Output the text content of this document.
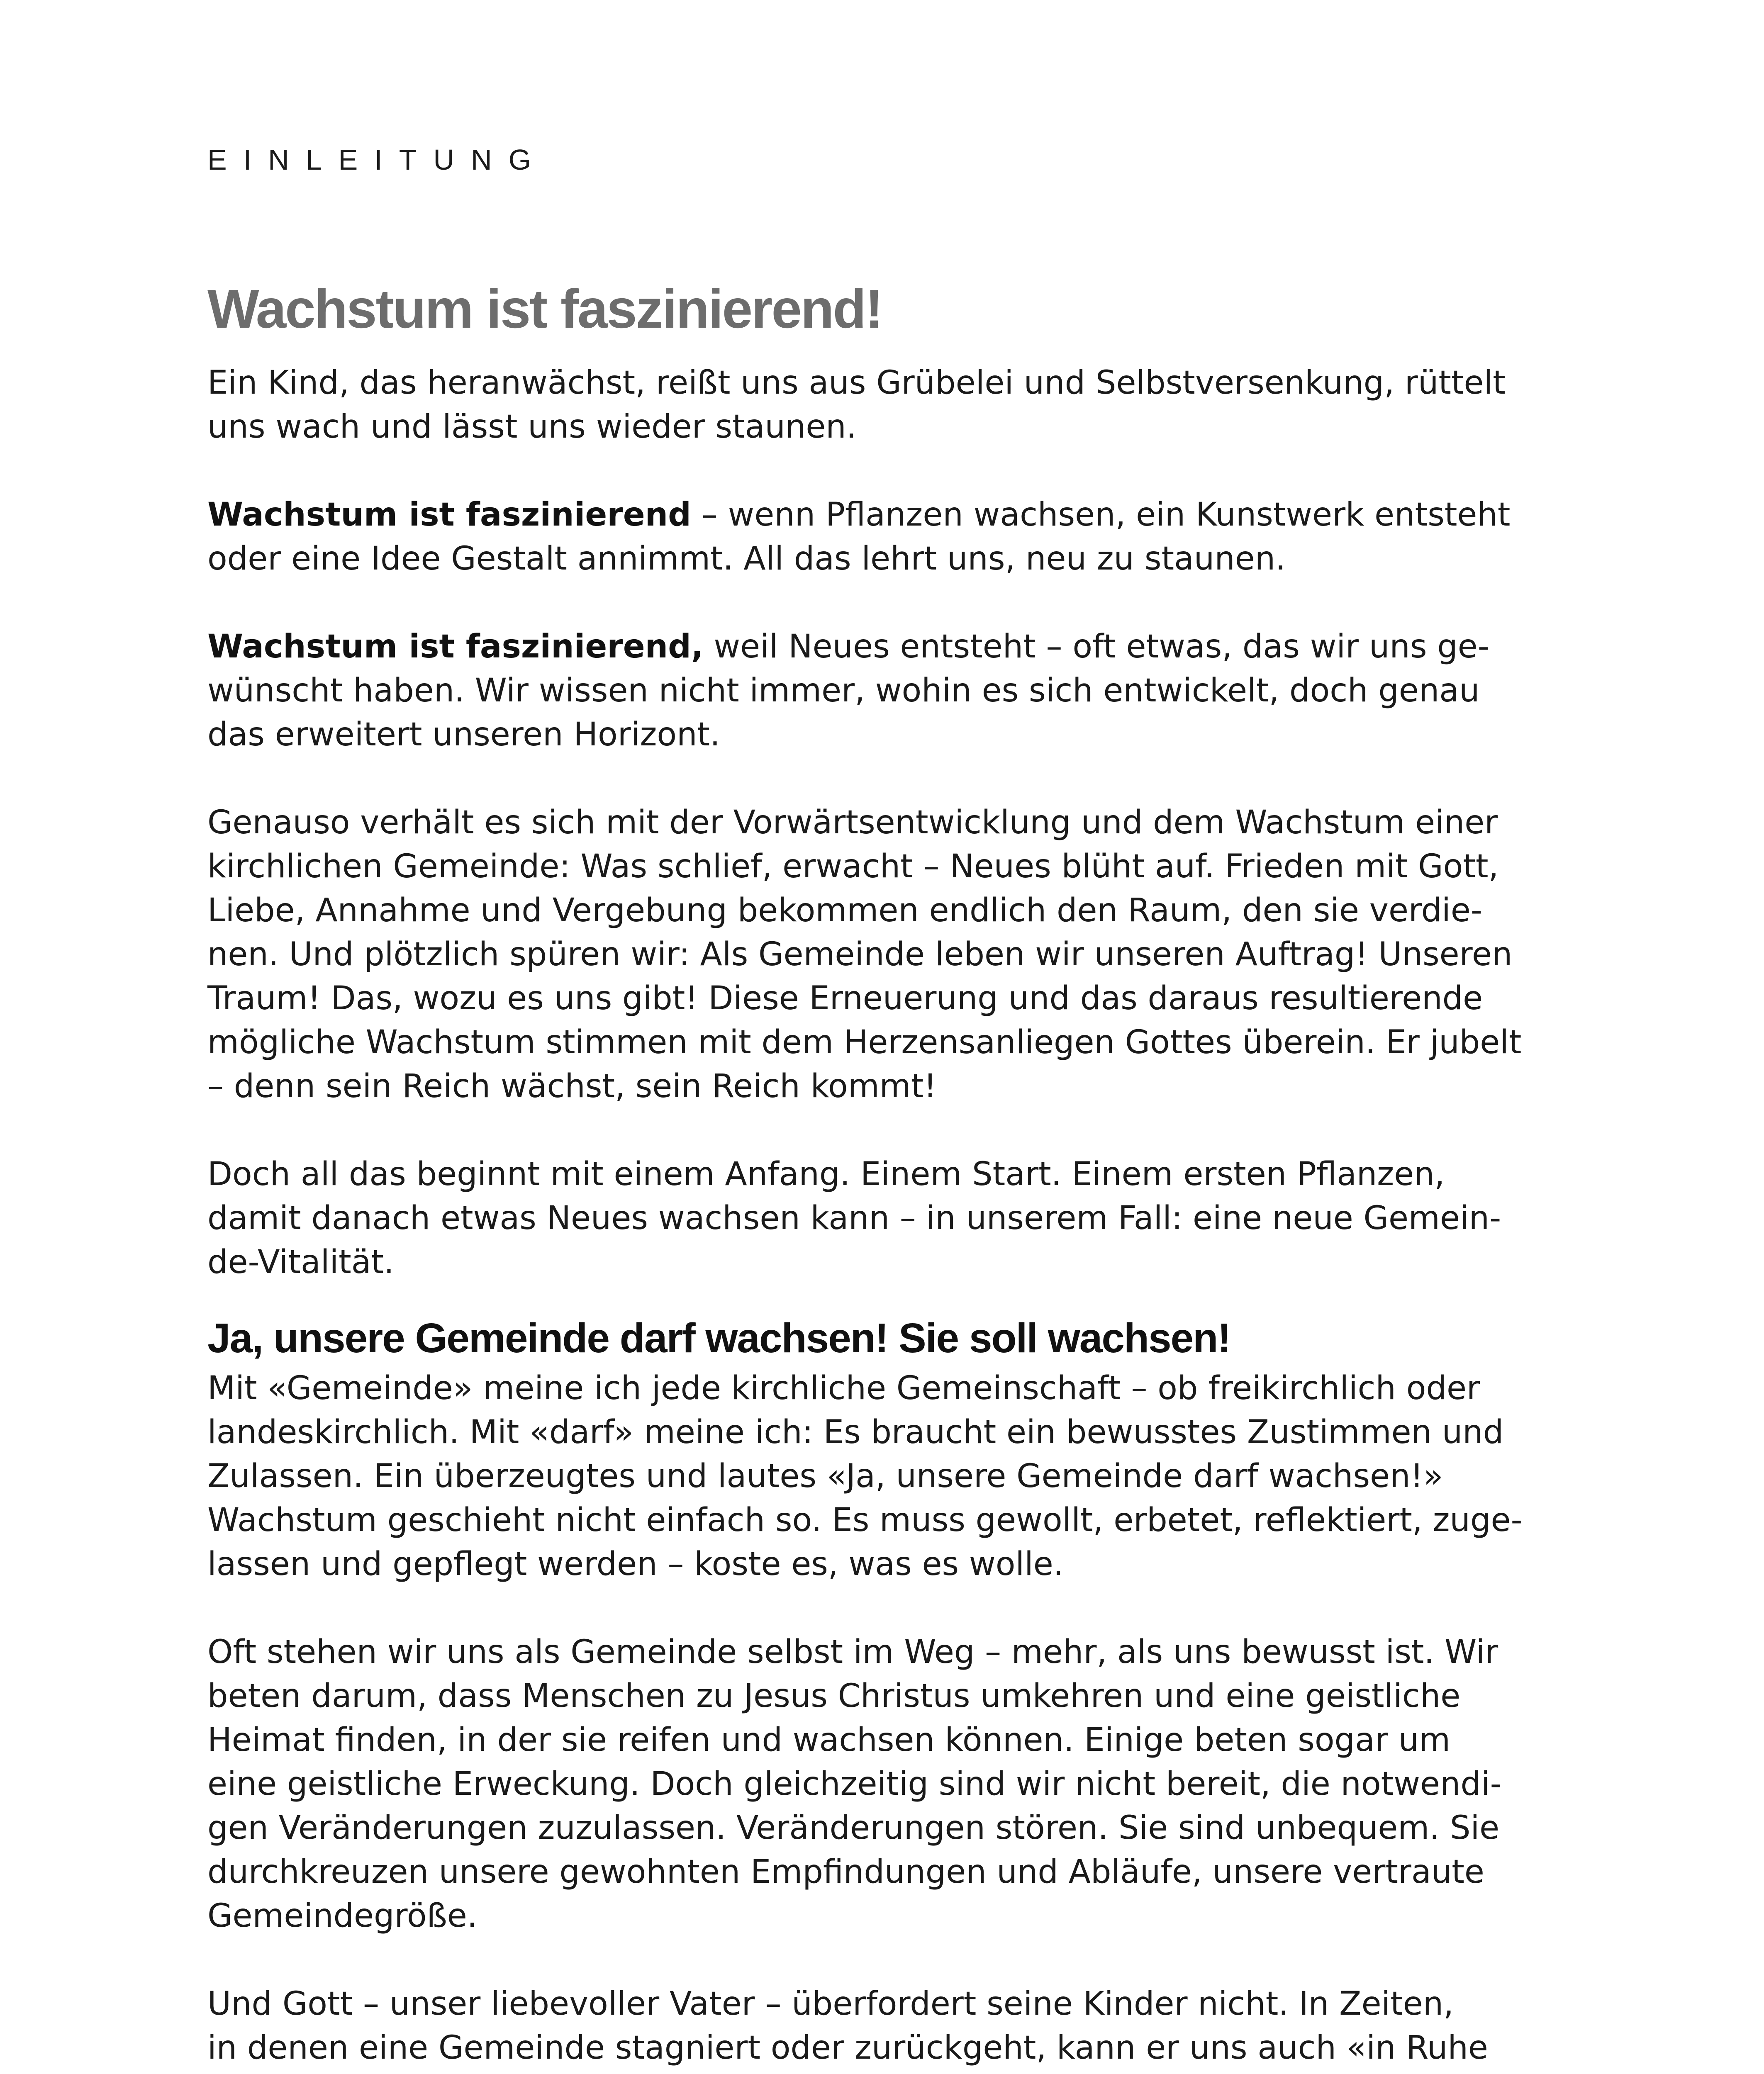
EINLEITUNG
Wachstum ist faszinierend!

Ein Kind, das heranwächst, reißt uns aus Grübelei und Selbstversenkung, rüttelt
uns wach und lässt uns wieder staunen.

Wachstum ist faszinierend – wenn Pflanzen wachsen, ein Kunstwerk entsteht
oder eine Idee Gestalt annimmt. All das lehrt uns, neu zu staunen.

Wachstum ist faszinierend, weil Neues entsteht – oft etwas, das wir uns ge-
wünscht haben. Wir wissen nicht immer, wohin es sich entwickelt, doch genau
das erweitert unseren Horizont.

Genauso verhält es sich mit der Vorwärtsentwicklung und dem Wachstum einer
kirchlichen Gemeinde: Was schlief, erwacht – Neues blüht auf. Frieden mit Gott,
Liebe, Annahme und Vergebung bekommen endlich den Raum, den sie verdie-
nen. Und plötzlich spüren wir: Als Gemeinde leben wir unseren Auftrag! Unseren
Traum! Das, wozu es uns gibt! Diese Erneuerung und das daraus resultierende
mögliche Wachstum stimmen mit dem Herzensanliegen Gottes überein. Er jubelt
– denn sein Reich wächst, sein Reich kommt!

Doch all das beginnt mit einem Anfang. Einem Start. Einem ersten Pflanzen,
damit danach etwas Neues wachsen kann – in unserem Fall: eine neue Gemein-
de-Vitalität.

Ja, unsere Gemeinde darf wachsen! Sie soll wachsen!

Mit «Gemeinde» meine ich jede kirchliche Gemeinschaft – ob freikirchlich oder
landeskirchlich. Mit «darf» meine ich: Es braucht ein bewusstes Zustimmen und
Zulassen. Ein überzeugtes und lautes «Ja, unsere Gemeinde darf wachsen!»
Wachstum geschieht nicht einfach so. Es muss gewollt, erbetet, reflektiert, zuge-
lassen und gepflegt werden – koste es, was es wolle.

Oft stehen wir uns als Gemeinde selbst im Weg – mehr, als uns bewusst ist. Wir
beten darum, dass Menschen zu Jesus Christus umkehren und eine geistliche
Heimat finden, in der sie reifen und wachsen können. Einige beten sogar um
eine geistliche Erweckung. Doch gleichzeitig sind wir nicht bereit, die notwendi-
gen Veränderungen zuzulassen. Veränderungen stören. Sie sind unbequem. Sie
durchkreuzen unsere gewohnten Empfindungen und Abläufe, unsere vertraute
Gemeindegröße.

Und Gott – unser liebevoller Vater – überfordert seine Kinder nicht. In Zeiten,
in denen eine Gemeinde stagniert oder zurückgeht, kann er uns auch «in Ruhe
